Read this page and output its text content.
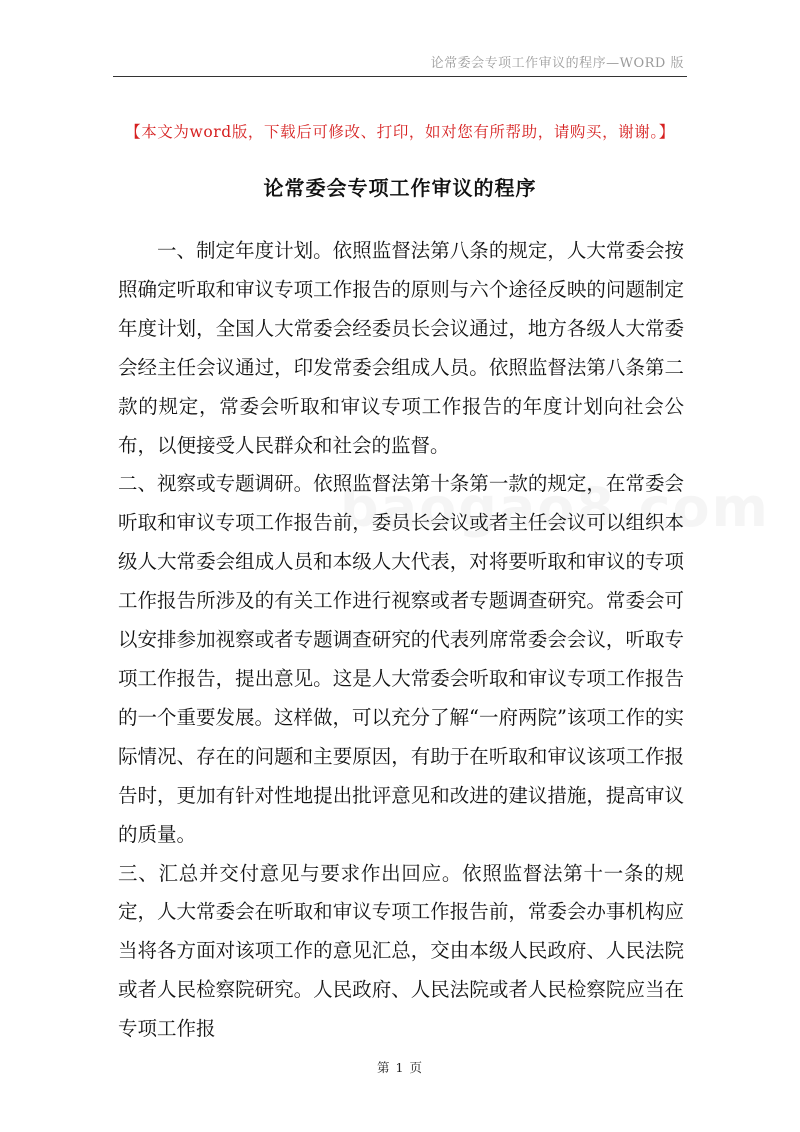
论常委会专项工作审议的程序—WORD 版
【本文为word版，下载后可修改、打印，如对您有所帮助，请购买，谢谢。】
论常委会专项工作审议的程序

一、制定年度计划。依照监督法第八条的规定，人大常委会按照确定听取和审议专项工作报告的原则与六个途径反映的问题制定年度计划，全国人大常委会经委员长会议通过，地方各级人大常委会经主任会议通过，印发常委会组成人员。依照监督法第八条第二款的规定，常委会听取和审议专项工作报告的年度计划向社会公布，以便接受人民群众和社会的监督。

二、视察或专题调研。依照监督法第十条第一款的规定，在常委会听取和审议专项工作报告前，委员长会议或者主任会议可以组织本级人大常委会组成人员和本级人大代表，对将要听取和审议的专项工作报告所涉及的有关工作进行视察或者专题调查研究。常委会可以安排参加视察或者专题调查研究的代表列席常委会会议，听取专项工作报告，提出意见。这是人大常委会听取和审议专项工作报告的一个重要发展。这样做，可以充分了解“一府两院”该项工作的实际情况、存在的问题和主要原因，有助于在听取和审议该项工作报告时，更加有针对性地提出批评意见和改进的建议措施，提高审议的质量。

三、汇总并交付意见与要求作出回应。依照监督法第十一条的规定，人大常委会在听取和审议专项工作报告前，常委会办事机构应当将各方面对该项工作的意见汇总，交由本级人民政府、人民法院或者人民检察院研究。人民政府、人民法院或者人民检察院应当在专项工作报

第 1 页
